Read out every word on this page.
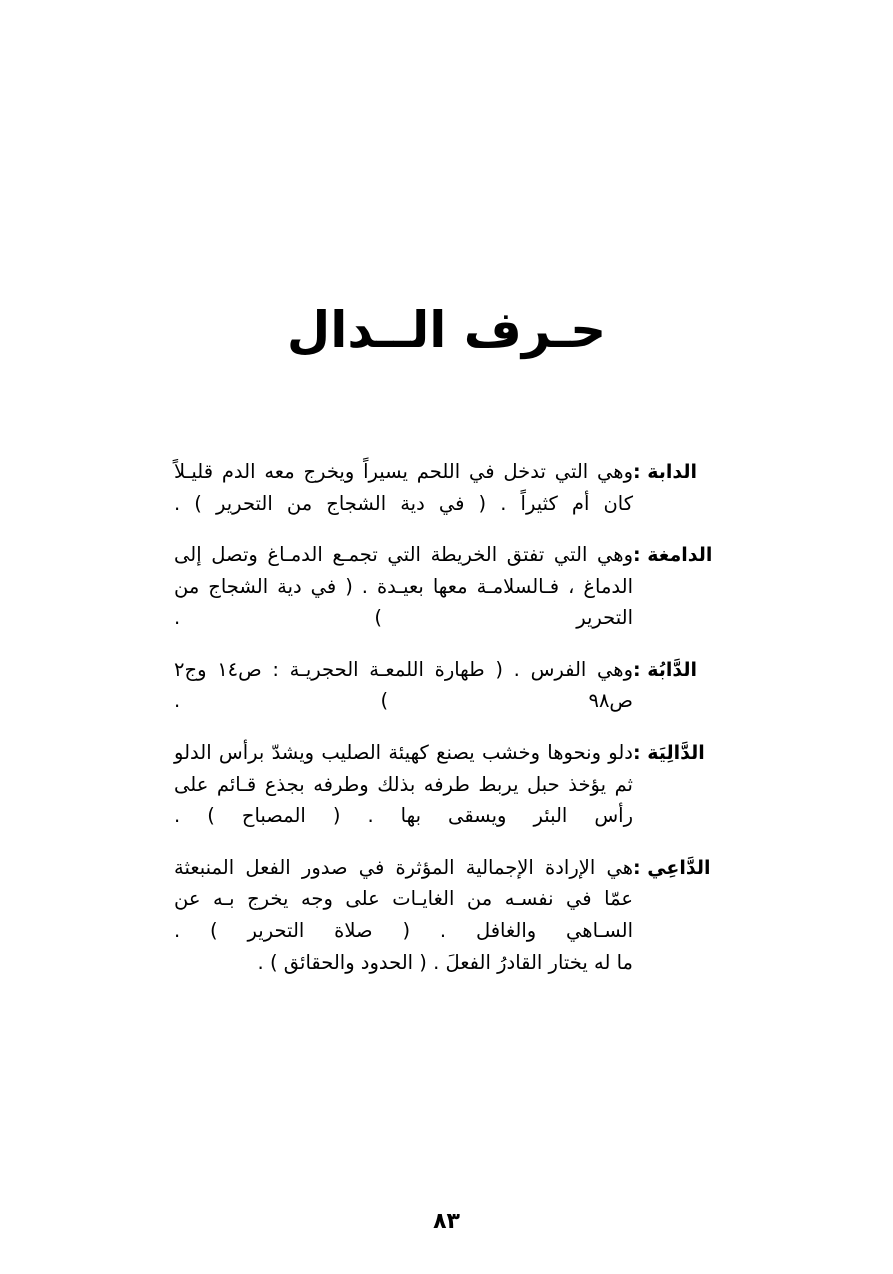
حـرف الــدال
الدابة :
وهي التي تدخل في اللحم يسيراً ويخرج معه الدم قليـلاً كان أم كثيراً . ( في دية الشجاج من التحرير ) .
الدامغة :
وهي التي تفتق الخريطة التي تجمـع الدمـاغ وتصل إلى الدماغ ، فـالسلامـة معها بعيـدة . ( في دية الشجاج من التحرير ) .
الدَّابُة :
وهي الفرس . ( طهارة اللمعـة الحجريـة : ص١٤ وج٢ ص٩٨ ) .
الدَّالِيَة :
دلو ونحوها وخشب يصنع كهيئة الصليب ويشدّ برأس الدلو ثم يؤخذ حبل يربط طرفه بذلك وطرفه بجذع قـائم على رأس البئر ويسقى بها . ( المصباح ) .
الدَّاعِي :
هي الإرادة الإجمالية المؤثرة في صدور الفعل المنبعثة عمّا في نفسـه من الغايـات على وجه يخرج بـه عن السـاهي والغافل . ( صلاة التحرير ) .
ما له يختار القادرُ الفعلَ . ( الحدود والحقائق ) .
٨٣
